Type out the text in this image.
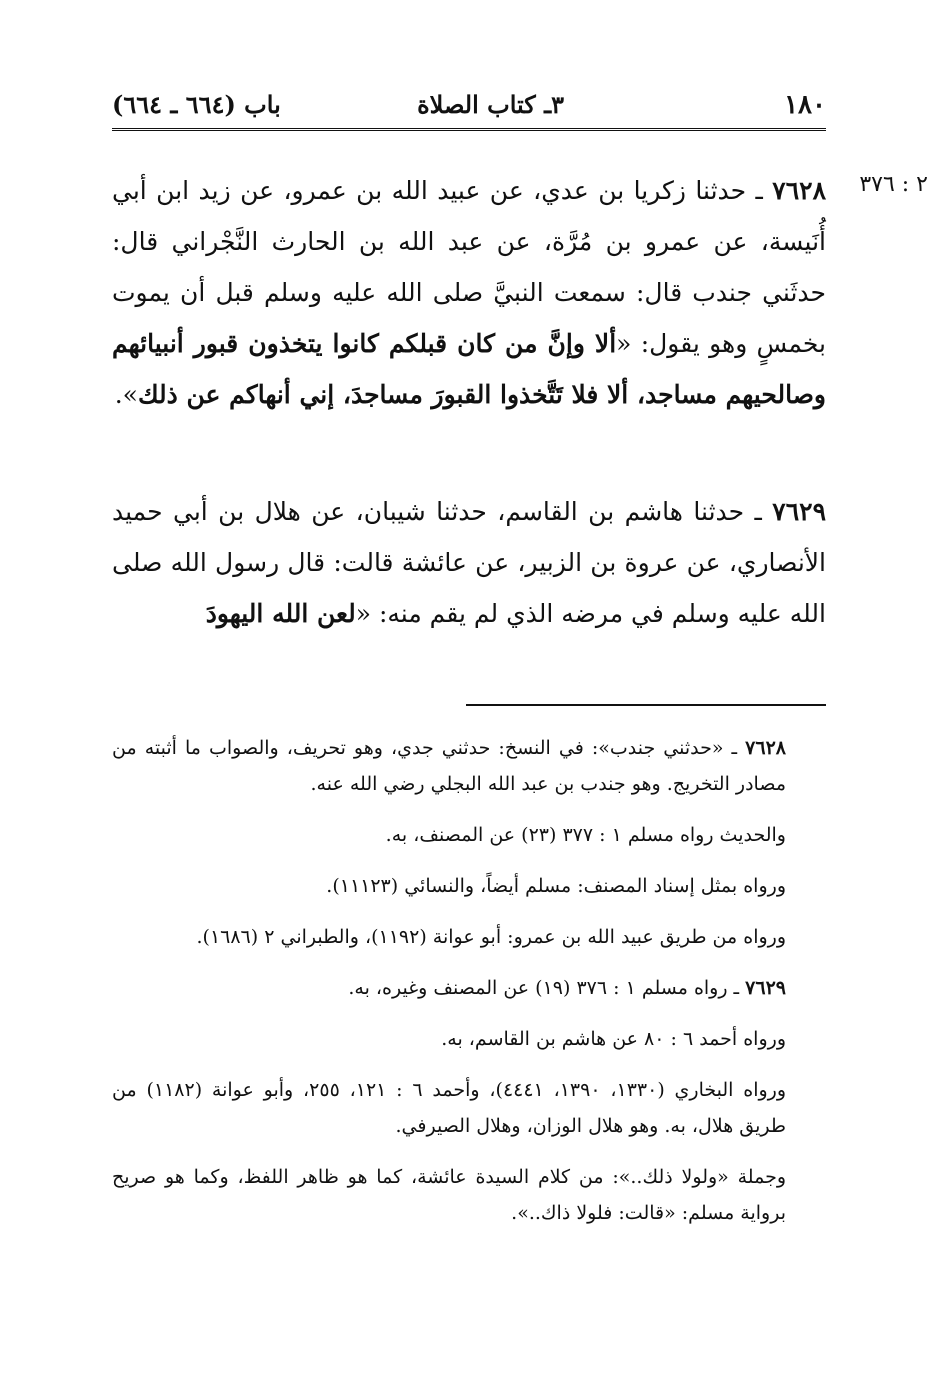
١٨٠
٣ـ كتاب الصلاة
باب (٦٦٤ ـ ٦٦٤)
٢ : ٣٧٦
٧٦٢٨ ـ حدثنا زكريا بن عدي، عن عبيد الله بن عمرو، عن زيد ابن أبي أُنَيسة، عن عمرو بن مُرَّة، عن عبد الله بن الحارث النَّجْراني قال: حدثَني جندب قال: سمعت النبيَّ صلى الله عليه وسلم قبل أن يموت بخمسٍ وهو يقول: «ألا وإنَّ من كان قبلكم كانوا يتخذون قبور أنبيائهم وصالحيهم مساجد، ألا فلا تَتَّخذوا القبورَ مساجدَ، إني أنهاكم عن ذلك».
٧٦٢٩ ـ حدثنا هاشم بن القاسم، حدثنا شيبان، عن هلال بن أبي حميد الأنصاري، عن عروة بن الزبير، عن عائشة قالت: قال رسول الله صلى الله عليه وسلم في مرضه الذي لم يقم منه: «لعن الله اليهودَ

٧٦٢٨ ـ «حدثني جندب»: في النسخ: حدثني جدي، وهو تحريف، والصواب ما أثبته من مصادر التخريج. وهو جندب بن عبد الله البجلي رضي الله عنه.

والحديث رواه مسلم ١ : ٣٧٧ (٢٣) عن المصنف، به.

ورواه بمثل إسناد المصنف: مسلم أيضاً، والنسائي (١١١٢٣).

ورواه من طريق عبيد الله بن عمرو: أبو عوانة (١١٩٢)، والطبراني ٢ (١٦٨٦).

٧٦٢٩ ـ رواه مسلم ١ : ٣٧٦ (١٩) عن المصنف وغيره، به.

ورواه أحمد ٦ : ٨٠ عن هاشم بن القاسم، به.

ورواه البخاري (١٣٣٠، ١٣٩٠، ٤٤٤١)، وأحمد ٦ : ١٢١، ٢٥٥، وأبو عوانة (١١٨٢) من طريق هلال، به. وهو هلال الوزان، وهلال الصيرفي.

وجملة «ولولا ذلك..»: من كلام السيدة عائشة، كما هو ظاهر اللفظ، وكما هو صريح برواية مسلم: «قالت: فلولا ذاك..».
